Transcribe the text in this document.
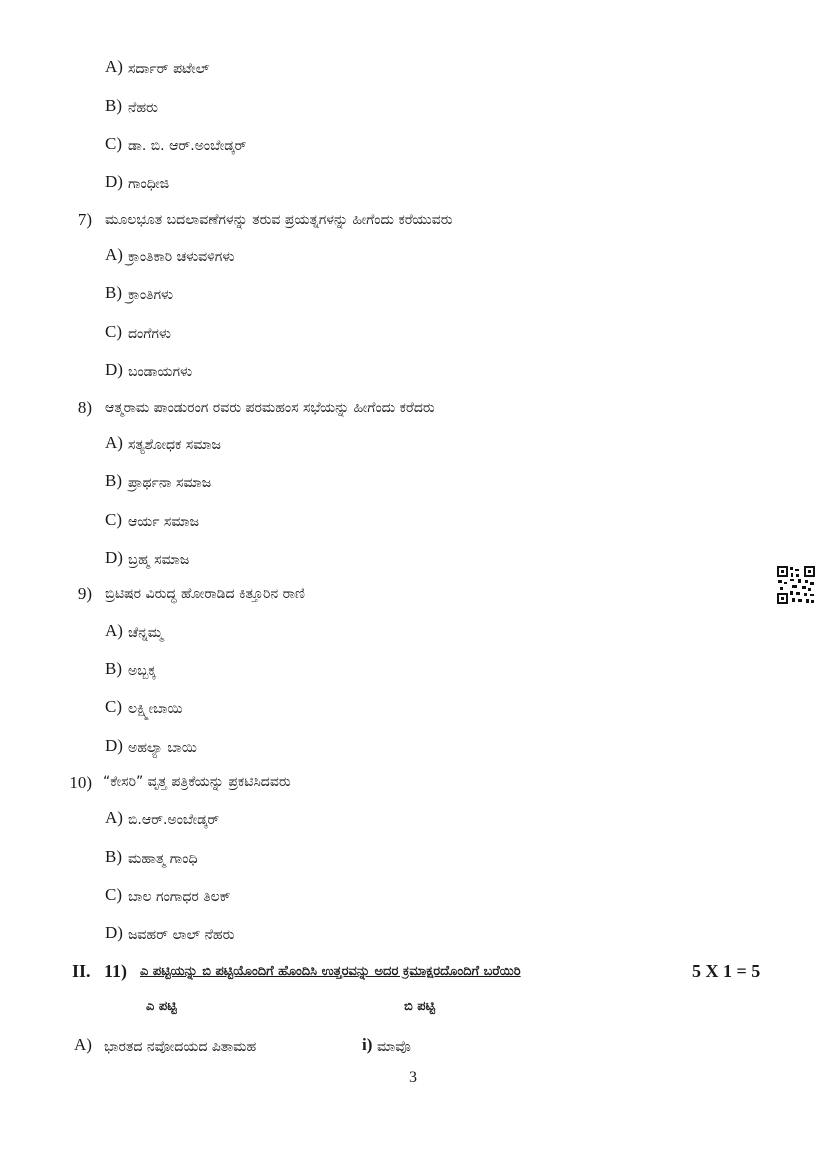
A) ಸರ್ದಾರ್ ಪಟೇಲ್
B) ನೆಹರು
C) ಡಾ. ಬಿ. ಆರ್.ಅಂಬೇಡ್ಕರ್
D) ಗಾಂಧೀಜಿ
7) ಮೂಲಭೂತ ಬದಲಾವಣೆಗಳನ್ನು ತರುವ ಪ್ರಯತ್ನಗಳನ್ನು ಹೀಗೆಂದು ಕರೆಯುವರು
A) ಕ್ರಾಂತಿಕಾರಿ ಚಳುವಳಿಗಳು
B) ಕ್ರಾಂತಿಗಳು
C) ದಂಗೆಗಳು
D) ಬಂಡಾಯಗಳು
8) ಆತ್ಮರಾಮ ಪಾಂಡುರಂಗ ರವರು ಪರಮಹಂಸ ಸಭೆಯನ್ನು ಹೀಗೆಂದು ಕರೆದರು
A) ಸತ್ಯಶೋಧಕ ಸಮಾಜ
B) ಪ್ರಾರ್ಥನಾ ಸಮಾಜ
C) ಆರ್ಯ ಸಮಾಜ
D) ಬ್ರಹ್ಮ ಸಮಾಜ
9) ಬ್ರಿಟಿಷರ ವಿರುದ್ಧ ಹೋರಾಡಿದ ಕಿತ್ತೂರಿನ ರಾಣಿ
A) ಚೆನ್ನಮ್ಮ
B) ಅಬ್ಬಕ್ಕ
C) ಲಕ್ಷ್ಮೀಬಾಯಿ
D) ಅಹಲ್ಯಾ ಬಾಯಿ
10) “ಕೇಸರಿ” ವೃತ್ತ ಪತ್ರಿಕೆಯನ್ನು ಪ್ರಕಟಿಸಿದವರು
A) ಬಿ.ಆರ್.ಅಂಬೇಡ್ಕರ್
B) ಮಹಾತ್ಮ ಗಾಂಧಿ
C) ಬಾಲ ಗಂಗಾಧರ ತಿಲಕ್
D) ಜವಹರ್ ಲಾಲ್ ನೆಹರು
II. 11) ಎ ಪಟ್ಟಿಯನ್ನು ಬಿ ಪಟ್ಟಿಯೊಂದಿಗೆ ಹೊಂದಿಸಿ ಉತ್ತರವನ್ನು ಅದರ ಕ್ರಮಾಕ್ಷರದೊಂದಿಗೆ ಬರೆಯಿರಿ	5 X 1 = 5
ಎ ಪಟ್ಟಿ	ಬಿ ಪಟ್ಟಿ
A) ಭಾರತದ ನವೋದಯದ ಪಿತಾಮಹ	i) ಮಾವೊ
3
